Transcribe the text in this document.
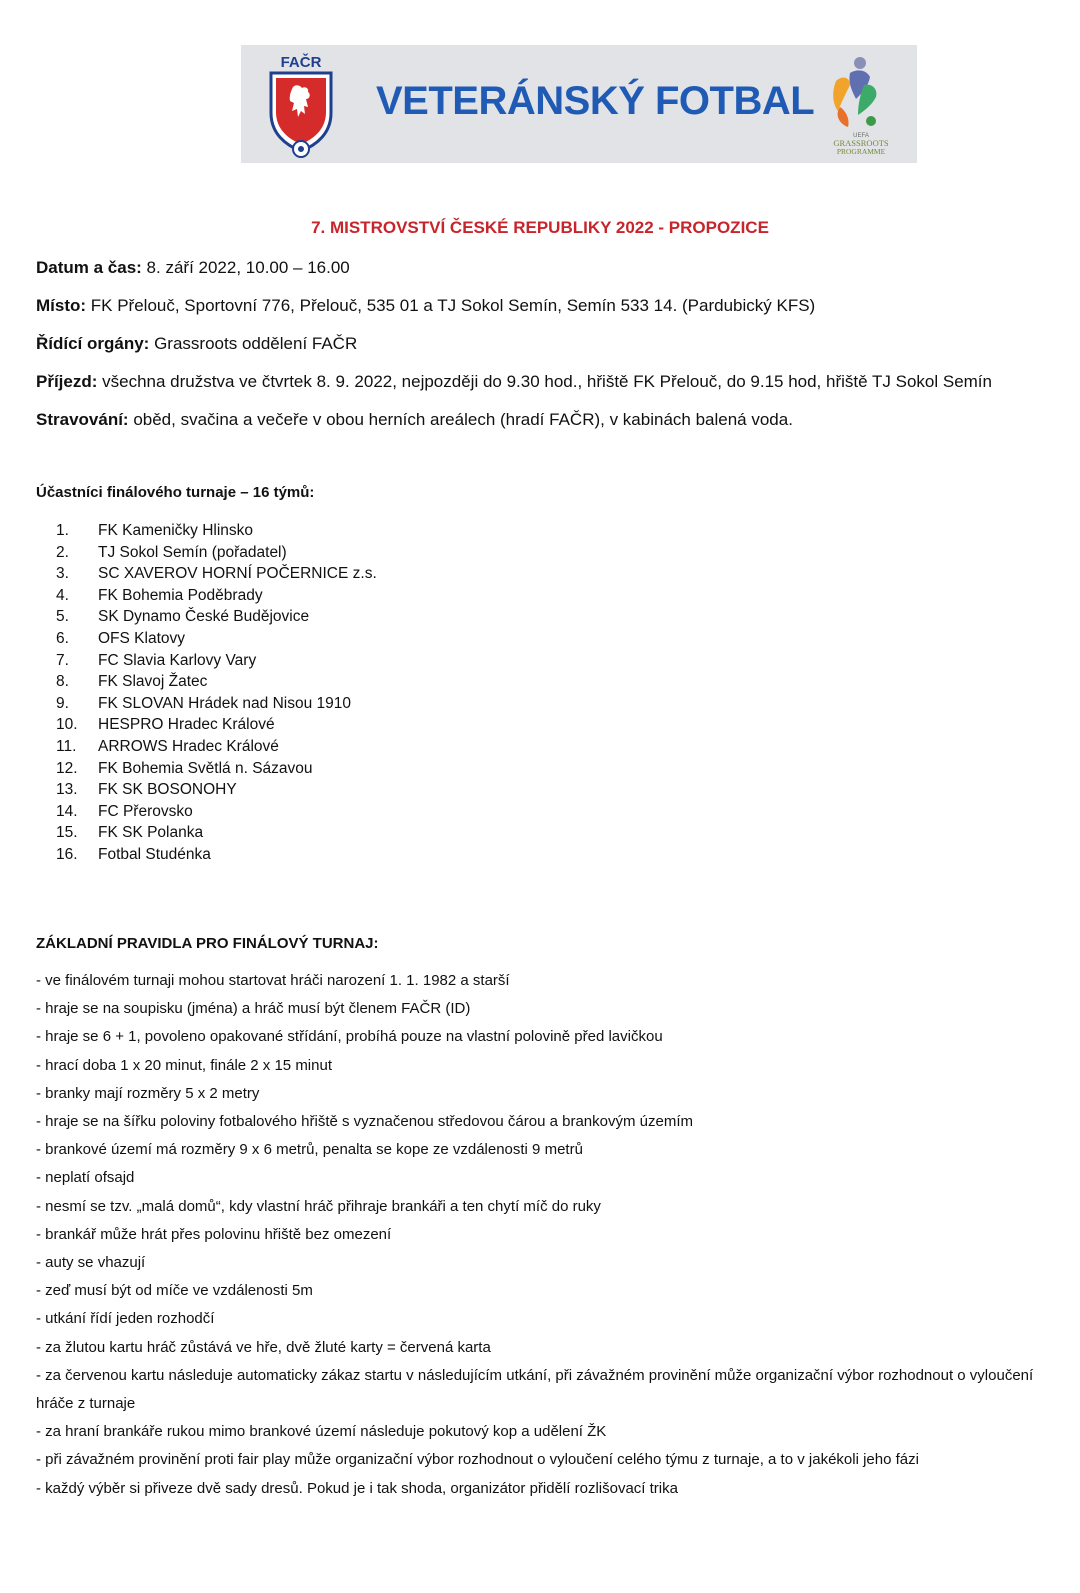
FAČR
VETERÁNSKÝ FOTBAL
UEFA
GRASSROOTS
PROGRAMME
7. MISTROVSTVÍ ČESKÉ REPUBLIKY 2022 - PROPOZICE
Datum a čas: 8. září 2022, 10.00 – 16.00
Místo: FK Přelouč, Sportovní 776, Přelouč, 535 01 a TJ Sokol Semín, Semín 533 14. (Pardubický KFS)
Řídící orgány: Grassroots oddělení FAČR
Příjezd: všechna družstva ve čtvrtek 8. 9. 2022, nejpozději do 9.30 hod., hřiště FK Přelouč, do 9.15 hod, hřiště TJ Sokol Semín
Stravování: oběd, svačina a večeře v obou herních areálech (hradí FAČR), v kabinách balená voda.
Účastníci finálového turnaje – 16 týmů:
1. FK Kameničky Hlinsko
2. TJ Sokol Semín (pořadatel)
3. SC XAVEROV HORNÍ POČERNICE z.s.
4. FK Bohemia Poděbrady
5. SK Dynamo České Budějovice
6. OFS Klatovy
7. FC Slavia Karlovy Vary
8. FK Slavoj Žatec
9. FK SLOVAN Hrádek nad Nisou 1910
10. HESPRO Hradec Králové
11. ARROWS Hradec Králové
12. FK Bohemia Světlá n. Sázavou
13. FK SK BOSONOHY
14. FC Přerovsko
15. FK SK Polanka
16. Fotbal Studénka
ZÁKLADNÍ PRAVIDLA PRO FINÁLOVÝ TURNAJ:
- ve finálovém turnaji mohou startovat hráči narození 1. 1. 1982 a starší
- hraje se na soupisku (jména) a hráč musí být členem FAČR (ID)
- hraje se 6 + 1, povoleno opakované střídání, probíhá pouze na vlastní polovině před lavičkou
- hrací doba 1 x 20 minut, finále 2 x 15 minut
- branky mají rozměry 5 x 2 metry
- hraje se na šířku poloviny fotbalového hřiště s vyznačenou středovou čárou a brankovým územím
- brankové území má rozměry 9 x 6 metrů, penalta se kope ze vzdálenosti 9 metrů
- neplatí ofsajd
- nesmí se tzv. „malá domů“, kdy vlastní hráč přihraje brankáři a ten chytí míč do ruky
- brankář může hrát přes polovinu hřiště bez omezení
- auty se vhazují
- zeď musí být od míče ve vzdálenosti 5m
- utkání řídí jeden rozhodčí
- za žlutou kartu hráč zůstává ve hře, dvě žluté karty = červená karta
- za červenou kartu následuje automaticky zákaz startu v následujícím utkání, při závažném provinění může organizační výbor rozhodnout o vyloučení hráče z turnaje
- za hraní brankáře rukou mimo brankové území následuje pokutový kop a udělení ŽK
- při závažném provinění proti fair play může organizační výbor rozhodnout o vyloučení celého týmu z turnaje, a to v jakékoli jeho fázi
- každý výběr si přiveze dvě sady dresů. Pokud je i tak shoda, organizátor přidělí rozlišovací trika
